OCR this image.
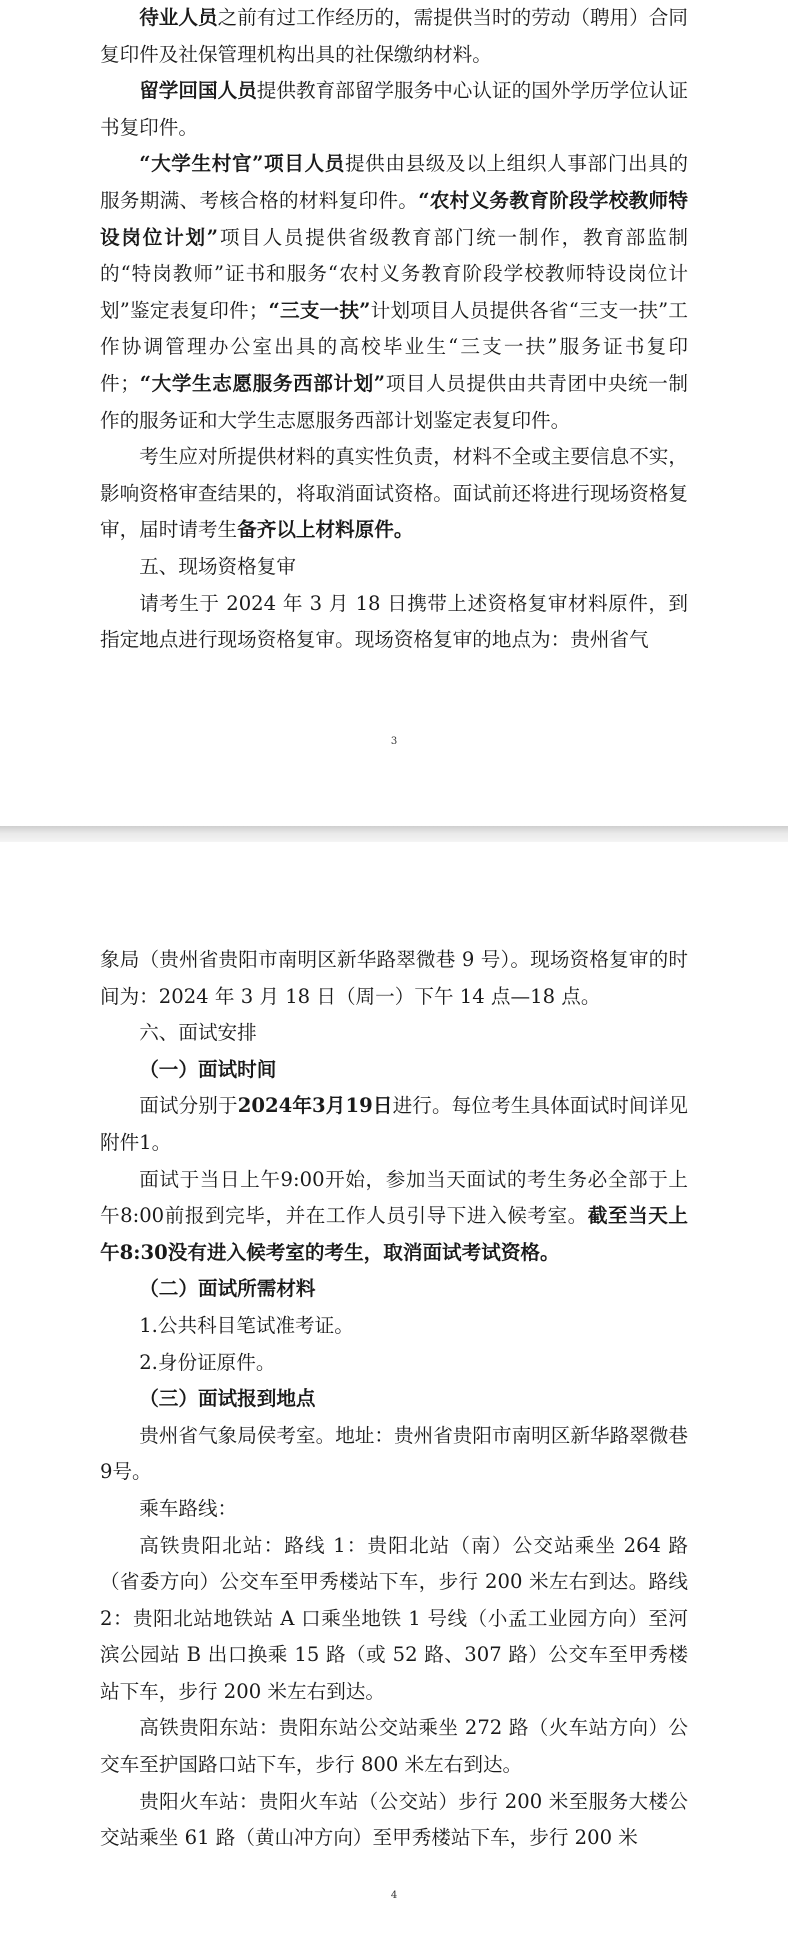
待业人员之前有过工作经历的，需提供当时的劳动（聘用）合同复印件及社保管理机构出具的社保缴纳材料。

留学回国人员提供教育部留学服务中心认证的国外学历学位认证书复印件。

“大学生村官”项目人员提供由县级及以上组织人事部门出具的服务期满、考核合格的材料复印件。“农村义务教育阶段学校教师特设岗位计划”项目人员提供省级教育部门统一制作，教育部监制的“特岗教师”证书和服务“农村义务教育阶段学校教师特设岗位计划”鉴定表复印件；“三支一扶”计划项目人员提供各省“三支一扶”工作协调管理办公室出具的高校毕业生“三支一扶”服务证书复印件；“大学生志愿服务西部计划”项目人员提供由共青团中央统一制作的服务证和大学生志愿服务西部计划鉴定表复印件。

考生应对所提供材料的真实性负责，材料不全或主要信息不实，影响资格审查结果的，将取消面试资格。面试前还将进行现场资格复审，届时请考生备齐以上材料原件。

五、现场资格复审

请考生于 2024 年 3 月 18 日携带上述资格复审材料原件，到指定地点进行现场资格复审。现场资格复审的地点为：贵州省气

3

象局（贵州省贵阳市南明区新华路翠微巷 9 号）。现场资格复审的时间为：2024 年 3 月 18 日（周一）下午 14 点—18 点。

六、面试安排

（一）面试时间

面试分别于2024年3月19日进行。每位考生具体面试时间详见附件1。

面试于当日上午9:00开始，参加当天面试的考生务必全部于上午8:00前报到完毕，并在工作人员引导下进入候考室。截至当天上午8:30没有进入候考室的考生，取消面试考试资格。

（二）面试所需材料

1.公共科目笔试准考证。

2.身份证原件。

（三）面试报到地点

贵州省气象局侯考室。地址：贵州省贵阳市南明区新华路翠微巷9号。

乘车路线：

高铁贵阳北站：路线 1：贵阳北站（南）公交站乘坐 264 路（省委方向）公交车至甲秀楼站下车，步行 200 米左右到达。路线 2：贵阳北站地铁站 A 口乘坐地铁 1 号线（小孟工业园方向）至河滨公园站 B 出口换乘 15 路（或 52 路、307 路）公交车至甲秀楼站下车，步行 200 米左右到达。

高铁贵阳东站：贵阳东站公交站乘坐 272 路（火车站方向）公交车至护国路口站下车，步行 800 米左右到达。

贵阳火车站：贵阳火车站（公交站）步行 200 米至服务大楼公交站乘坐 61 路（黄山冲方向）至甲秀楼站下车，步行 200 米

4
